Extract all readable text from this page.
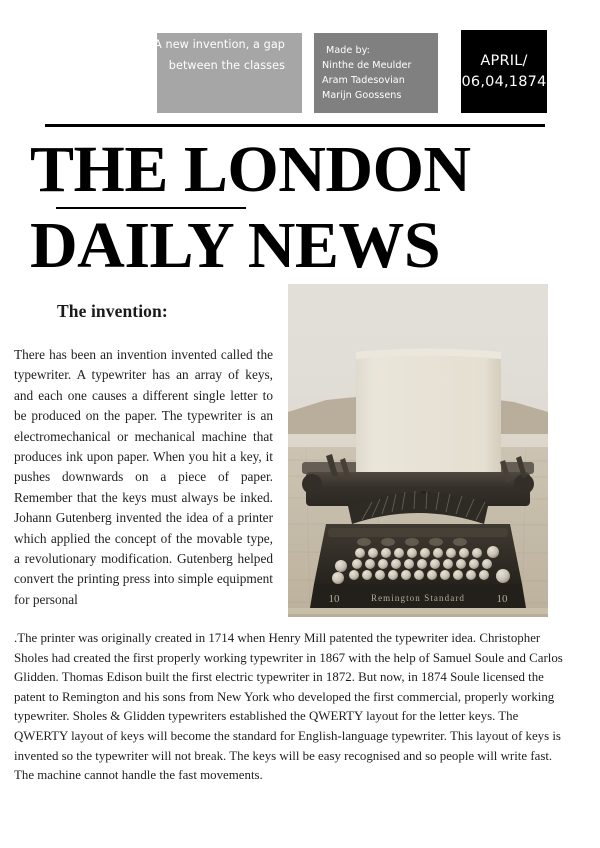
A new invention, a gap between the classes
Made by:
Ninthe de Meulder
Aram Tadesovian
Marijn Goossens
APRIL/
06,04,1874
THE LONDON
DAILY NEWS
The invention:

There has been an invention invented called the typewriter. A typewriter has an array of keys, and each one causes a different single letter to be produced on the paper. The typewriter is an electromechanical or mechanical machine that produces ink upon paper. When you hit a key, it pushes downwards on a piece of paper. Remember that the keys must always be inked. Johann Gutenberg invented the idea of a printer which applied the concept of the movable type, a revolutionary modification. Gutenberg helped convert the printing press into simple equipment for personal	Remington Standard
10	10

.The printer was originally created in 1714 when Henry Mill patented the typewriter idea. Christopher Sholes had created the first properly working typewriter in 1867 with the help of Samuel Soule and Carlos Glidden. Thomas Edison built the first electric typewriter in 1872. But now, in 1874 Soule licensed the patent to Remington and his sons from New York who developed the first commercial, properly working typewriter. Sholes & Glidden typewriters established the QWERTY layout for the letter keys. The QWERTY layout of keys will become the standard for English-language typewriter. This layout of keys is invented so the typewriter will not break. The keys will be easy recognised and so people will write fast. The machine cannot handle the fast movements.
